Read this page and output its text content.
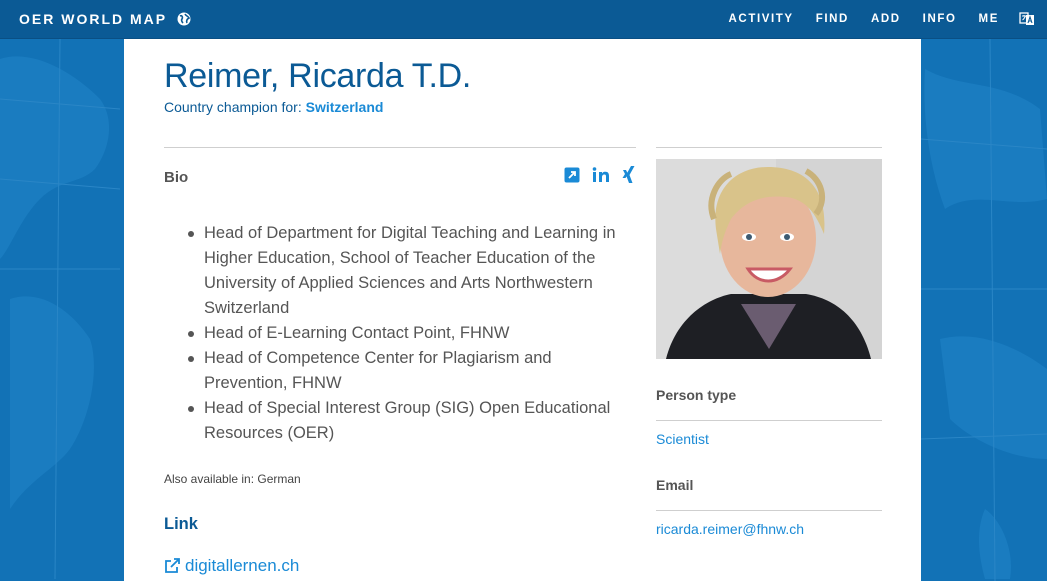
OER WORLD MAP	ACTIVITY FIND ADD INFO ME
Reimer, Ricarda T.D.
Country champion for: Switzerland
Bio
Head of Department for Digital Teaching and Learning in Higher Education, School of Teacher Education of the University of Applied Sciences and Arts Northwestern Switzerland
Head of E-Learning Contact Point, FHNW
Head of Competence Center for Plagiarism and Prevention, FHNW
Head of Special Interest Group (SIG) Open Educational Resources (OER)
Also available in: German
Link
digitallernen.ch
Person type
Scientist
Email
ricarda.reimer@fhnw.ch
